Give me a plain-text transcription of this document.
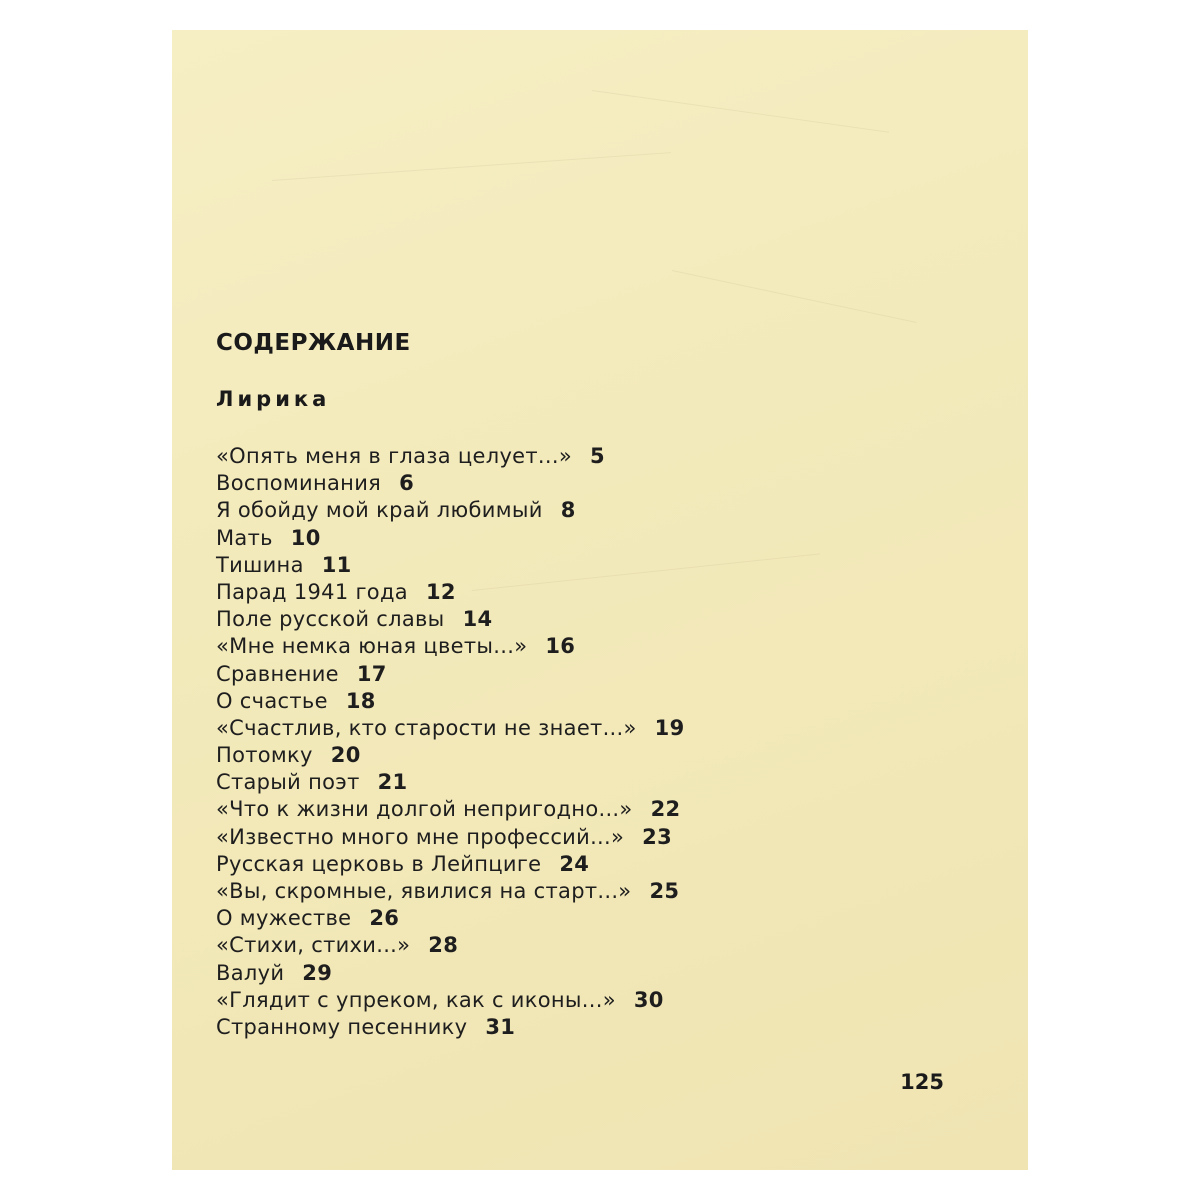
СОДЕРЖАНИЕ
Лирика
«Опять меня в глаза целует...» 5
Воспоминания 6
Я обойду мой край любимый 8
Мать 10
Тишина 11
Парад 1941 года 12
Поле русской славы 14
«Мне немка юная цветы...» 16
Сравнение 17
О счастье 18
«Счастлив, кто старости не знает...» 19
Потомку 20
Старый поэт 21
«Что к жизни долгой непригодно...» 22
«Известно много мне профессий...» 23
Русская церковь в Лейпциге 24
«Вы, скромные, явилися на старт...» 25
О мужестве 26
«Стихи, стихи...» 28
Валуй 29
«Глядит с упреком, как с иконы...» 30
Странному песеннику 31

125
